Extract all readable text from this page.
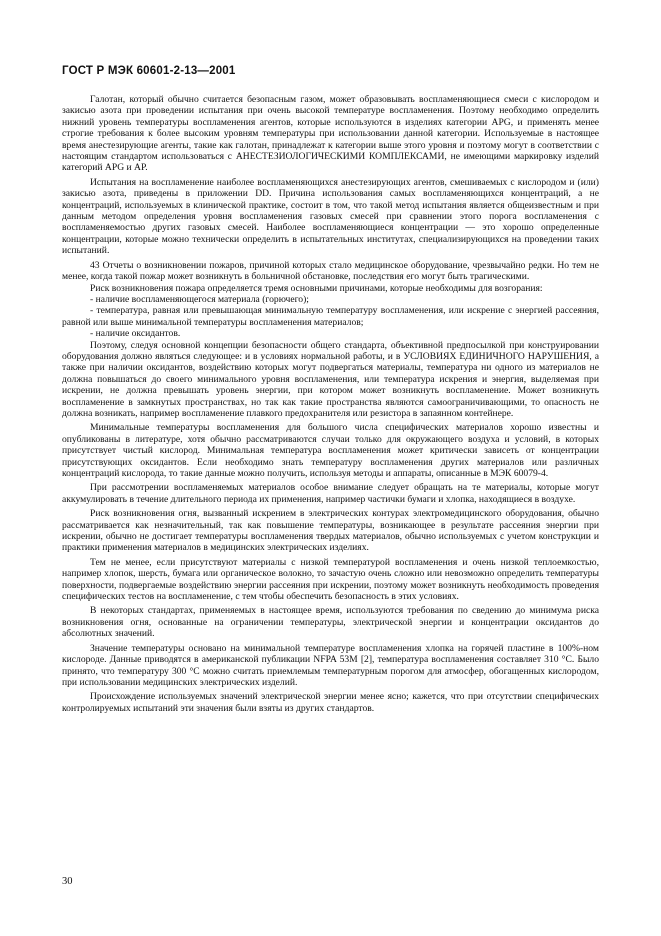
ГОСТ Р МЭК 60601-2-13—2001

Галотан, который обычно считается безопасным газом, может образовывать воспламеняющиеся смеси с кислородом и закисью азота при проведении испытания при очень высокой температуре воспламенения. Поэтому необходимо определить нижний уровень температуры воспламенения агентов, которые используются в изделиях категории APG, и применять менее строгие требования к более высоким уровням температуры при использовании данной категории. Используемые в настоящее время анестезирующие агенты, такие как галотан, принадлежат к категории выше этого уровня и поэтому могут в соответствии с настоящим стандартом использоваться с АНЕСТЕЗИОЛОГИЧЕСКИМИ КОМПЛЕКСАМИ, не имеющими маркировку изделий категорий APG и AP.

Испытания на воспламенение наиболее воспламеняющихся анестезирующих агентов, смешиваемых с кислородом и (или) закисью азота, приведены в приложении DD. Причина использования самых воспламеняющихся концентраций, а не концентраций, используемых в клинической практике, состоит в том, что такой метод испытания является общеизвестным и при данным методом определения уровня воспламенения газовых смесей при сравнении этого порога воспламенения с воспламеняемостью других газовых смесей. Наиболее воспламеняющиеся концентрации — это хорошо определенные концентрации, которые можно технически определить в испытательных институтах, специализирующихся на проведении таких испытаний.

43 Отчеты о возникновении пожаров, причиной которых стало медицинское оборудование, чрезвычайно редки. Но тем не менее, когда такой пожар может возникнуть в больничной обстановке, последствия его могут быть трагическими.

Риск возникновения пожара определяется тремя основными причинами, которые необходимы для возгорания:

- наличие воспламеняющегося материала (горючего);

- температура, равная или превышающая минимальную температуру воспламенения, или искрение с энергией рассеяния, равной или выше минимальной температуры воспламенения материалов;

- наличие оксидантов.

Поэтому, следуя основной концепции безопасности общего стандарта, объективной предпосылкой при конструировании оборудования должно являться следующее: и в условиях нормальной работы, и в УСЛОВИЯХ ЕДИНИЧНОГО НАРУШЕНИЯ, а также при наличии оксидантов, воздействию которых могут подвергаться материалы, температура ни одного из материалов не должна повышаться до своего минимального уровня воспламенения, или температура искрения и энергия, выделяемая при искрении, не должна превышать уровень энергии, при котором может возникнуть воспламенение. Может возникнуть воспламенение в замкнутых пространствах, но так как такие пространства являются самоограничивающими, то опасность не должна возникать, например воспламенение плавкого предохранителя или резистора в запаянном контейнере.

Минимальные температуры воспламенения для большого числа специфических материалов хорошо известны и опубликованы в литературе, хотя обычно рассматриваются случаи только для окружающего воздуха и условий, в которых присутствует чистый кислород. Минимальная температура воспламенения может критически зависеть от концентрации присутствующих оксидантов. Если необходимо знать температуру воспламенения других материалов или различных концентраций кислорода, то такие данные можно получить, используя методы и аппараты, описанные в МЭК 60079-4.

При рассмотрении воспламеняемых материалов особое внимание следует обращать на те материалы, которые могут аккумулировать в течение длительного периода их применения, например частички бумаги и хлопка, находящиеся в воздухе.

Риск возникновения огня, вызванный искрением в электрических контурах электромедицинского оборудования, обычно рассматривается как незначительный, так как повышение температуры, возникающее в результате рассеяния энергии при искрении, обычно не достигает температуры воспламенения твердых материалов, обычно используемых с учетом конструкции и практики применения материалов в медицинских электрических изделиях.

Тем не менее, если присутствуют материалы с низкой температурой воспламенения и очень низкой теплоемкостью, например хлопок, шерсть, бумага или органическое волокно, то зачастую очень сложно или невозможно определить температуры поверхности, подвергаемые воздействию энергии рассеяния при искрении, поэтому может возникнуть необходимость проведения специфических тестов на воспламенение, с тем чтобы обеспечить безопасность в этих условиях.

В некоторых стандартах, применяемых в настоящее время, используются требования по сведению до минимума риска возникновения огня, основанные на ограничении температуры, электрической энергии и концентрации оксидантов до абсолютных значений.

Значение температуры основано на минимальной температуре воспламенения хлопка на горячей пластине в 100%-ном кислороде. Данные приводятся в американской публикации NFPA 53M [2], температура воспламенения составляет 310 °С. Было принято, что температуру 300 °С можно считать приемлемым температурным порогом для атмосфер, обогащенных кислородом, при использовании медицинских электрических изделий.

Происхождение используемых значений электрической энергии менее ясно; кажется, что при отсутствии специфических контролируемых испытаний эти значения были взяты из других стандартов.

30
